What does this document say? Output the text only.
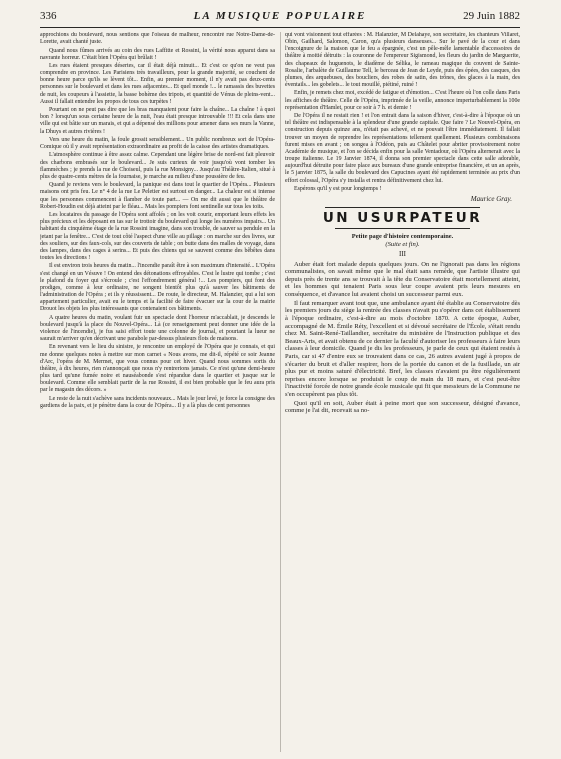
336	LA MUSIQUE POPULAIRE	29 Juin 1882

approchions du boulevard, nous sentions que l'oiseau de malheur, rencontré rue Notre-Dame-de-Lorette, avait chanté juste.

Quand nous fûmes arrivés au coin des rues Laffitte et Rossini, la vérité nous apparut dans sa navrante horreur. C'était bien l'Opéra qui brûlait !

Les rues étaient presques désertes, car il était déjà minuit... Et c'est ce qu'on ne veut pas comprendre en province. Les Parisiens très travailleurs, pour la grande majorité, se couchent de bonne heure parce qu'ils se lèvent tôt... Enfin, au premier moment, il n'y avait pas deux-cents personnes sur le boulevard et dans les rues adjacentes... Et quel monde !... le ramassis des buvettes de nuit, les coupeurs à l'assiette, la basse bohème des tripots, et quantité de Vénus de pleins-vent... Aussi il fallait entendre les propos de tous ces turpètes !

Pourtant on ne peut pas dire que les bras manquaient pour faire la chaîne... La chaîne ! à quoi bon ? lorsqu'un sous certaine heure de la nuit, l'eau était presque introuvable !!! Et cela dans une ville qui est bâtie sur un marais, et qui a dépensé des millions pour amener dans ses murs la Vanne, la Dhuys et autres rivières !

Vers une heure du matin, la foule grossit sensiblement... Un public nombreux sort de l'Opéra-Comique où il y avait représentation extraordinaire au profit de la caisse des artistes dramatiques.

L'atmosphère continue à être assez calme. Cependant une légère brise de nord-est fait pleuvoir des charbons embrasés sur le boulevard... Je suis curieux de voir jusqu'où vont tomber les flammèches ; je prends la rue de Choiseul, puis la rue Monsigny... Jusqu'au Théâtre-Italien, situé à plus de quatre-cents mètres de la fournaise, je marche au milieu d'une poussière de feu.

Quand je reviens vers le boulevard, la panique est dans tout le quartier de l'Opéra... Plusieurs maisons ont pris feu. Le n° 4 de la rue Le Peletier est surtout en danger... La chaleur est si intense que les personnes commencent à flamber de toute part... — On me dit aussi que le théâtre de Robert-Houdin est déjà atteint par le fléau... Mais les pompiers font sentinelle sur tous les toits.

Les locataires du passage de l'Opéra sont affolés ; on les voit courir, emportant leurs effets les plus précieux et les déposant en tas sur le trottoir du boulevard qui longe les numéros impairs... Un habitant du cinquième étage de la rue Rossini imagine, dans son trouble, de sauver sa pendule en la jetant par la fenêtre... C'est de tout côté l'aspect d'une ville au pillage : on marche sur des livres, sur des souliers, sur des faux-cols, sur des couverts de table ; on butte dans des malles de voyage, dans des lampes, dans des cages à serins... Et puis des chiens qui se sauvent comme des bêbêtes dans toutes les directions !

Il est environ trois heures du matin... l'incendie paraît être à son maximum d'intensité... L'Opéra s'est changé en un Vésuve ! On entend des détonations effroyables. C'est le lustre qui tombe ; c'est le plafond du foyer qui s'écroule ; c'est l'effondrement général !... Les pompiers, qui font des prodiges, comme à leur ordinaire, ne songent bientôt plus qu'à sauver les bâtiments de l'administration de l'Opéra ; et ils y réussissent... De route, le directeur, M. Halanzier, qui a lui son appartement particulier, avait eu le temps et la facilité de faire évacuer sur la cour de la mairie Drouot les objets les plus intéressants que contenaient ces bâtiments.

A quatre heures du matin, voulant fuir un spectacle dont l'horreur m'accablait, je descends le boulevard jusqu'à la place du Nouvel-Opéra... Là (ce renseignement peut donner une idée de la violence de l'incendie), je fus saisi effort toute une colonne de journal, et pourtant la lueur ne saurait m'arriver qu'en décrivant une parabole par-dessus plusieurs flots de maisons.

En revenant vers le lieu du sinistre, je rencontre un employé de l'Opéra que je connais, et qui me donne quelques notes à mettre sur mon carnet « Nous avons, me dit-il, répété ce soir Jeanne d'Arc, l'opéra de M. Mermet, que vous connus pour cet hiver. Quand nous sommes sortis du théâtre, à dix heures, rien n'annonçait que nous n'y rentrerions jamais. Ce n'est qu'une demi-heure plus tard qu'une fumée noire et nauséabonde s'est répandue dans le quartier et jusque sur le boulevard. Comme elle semblait partir de la rue Rossini, il est bien probable que le feu aura pris par le magasin des décors. »

Le reste de la nuit s'achève sans incidents nouveaux... Mais le jour levé, je force la consigne des gardiens de la paix, et je pénètre dans la cour de l'Opéra... Il y a là plus de cent personnes

qui vont visionnent tout effarées : M. Halanzier, M Delahaye, son secrétaire, les chanteurs Villaret, Obin, Gailhard, Salomon, Caron, qu'a plusieurs danseuses... Sur le pavé de la cour et dans l'encoignure de la maison que le feu a épargnée, c'est un pêle-mêle lamentable d'accessoires de théâtre à moitié détruits : la couronne de l'empereur Sigismond, les fleurs du jardin de Marguerite, des chapeaux de huguenots, le diadème de Sélika, le rameau magique du couvent de Sainte-Rosalie, l'arbalète de Guillaume Tell, le berceau de Jean de Leyde, puis des épées, des casques, des plumes, des arquebuses, des boucliers, des robes de satin, des trônes, des glaces à la main, des éventails... les gobelets... le tout mouillé, piétiné, ruiné !

Enfin, je remets chez moi, excédé de fatigue et d'émotion... C'est l'heure où l'on colle dans Paris les affiches de théâtre. Celle de l'Opéra, imprimée de la veille, annonce imperturbablement la 100e représentation d'Hamlet, pour ce soir à 7 h. et demie !

De l'Opéra il ne restait rien ! et l'on entrait dans la saison d'hiver, c'est-à-dire à l'époque où un tel théâtre est indispensable à la splendeur d'une grande capitale. Que faire ? Le Nouvel-Opéra, en construction depuis quinze ans, n'était pas achevé, et ne pouvait l'être immédiatement. Il fallait trouver un moyen de reprendre les représentations tellement quellement. Plusieurs combinaisons furent mises en avant ; on songea à l'Odéon, puis au Châtelet pour abriter provisoirement notre Académie de musique, et l'on se décida enfin pour la salle Ventadour, où l'Opéra alternerait avec la troupe italienne. Le 19 Janvier 1874, il donna son premier spectacle dans cette salle adorable, aujourd'hui détruite pour faire place aux bureaux d'une grande entreprise financière, et un an après, le 5 janvier 1875, la salle du boulevard des Capucines ayant été rapidement terminée au prix d'un effort colossal, l'Opéra s'y installa et rentra définitivement chez lui.

Espérons qu'il y est pour longtemps !

Maurice Gray.
UN USURPATEUR
Petite page d'histoire contemporaine.
(Suite et fin).
III

Auber était fort malade depuis quelques jours. On ne l'ignorait pas dans les régions communalistes, on savait même que le mal était sans remède, que l'artiste illustre qui depuis près de trente ans se trouvait à la tête du Conservatoire était mortellement atteint, et les hommes qui tenaient Paris sous leur coupe avaient pris leurs mesures en conséquence, et d'avance lui avaient choisi un successeur parmi eux.

Il faut remarquer avant tout que, une ambulance ayant été établie au Conservatoire dès les premiers jours du siège la rentrée des classes n'avait pu s'opérer dans cet établissement à l'époque ordinaire, c'est-à-dire au mois d'octobre 1870. A cette époque, Auber, accompagné de M. Émile Réty, l'excellent et si dévoué secrétaire de l'École, s'était rendu chez M. Saint-René-Taillandier, secrétaire du ministère de l'Instruction publique et des Beaux-Arts, et avait obtenu de ce dernier la faculté d'autoriser les professeurs à faire leurs classes à leur domicile. Quand je dis les professeurs, je parle de ceux qui étaient restés à Paris, car si 47 d'entre eux se trouvaient dans ce cas, 26 autres avaient jugé à propos de s'écarter du bruit et d'aller respirer, hors de la portée du canon et de la fusillade, un air plus pur et moins saturé d'électricité. Bref, les classes n'avaient pu être régulièrement reprises encore lorsque se produisit le coup de main du 18 mars, et c'est peut-être l'inactivité forcée de notre grande école musicale qui fit que messieurs de la Commune ne s'en occupèrent pas plus tôt.

Quoi qu'il en soit, Auber était à peine mort que son successeur, désigné d'avance, comme je l'ai dit, recevait sa no-
